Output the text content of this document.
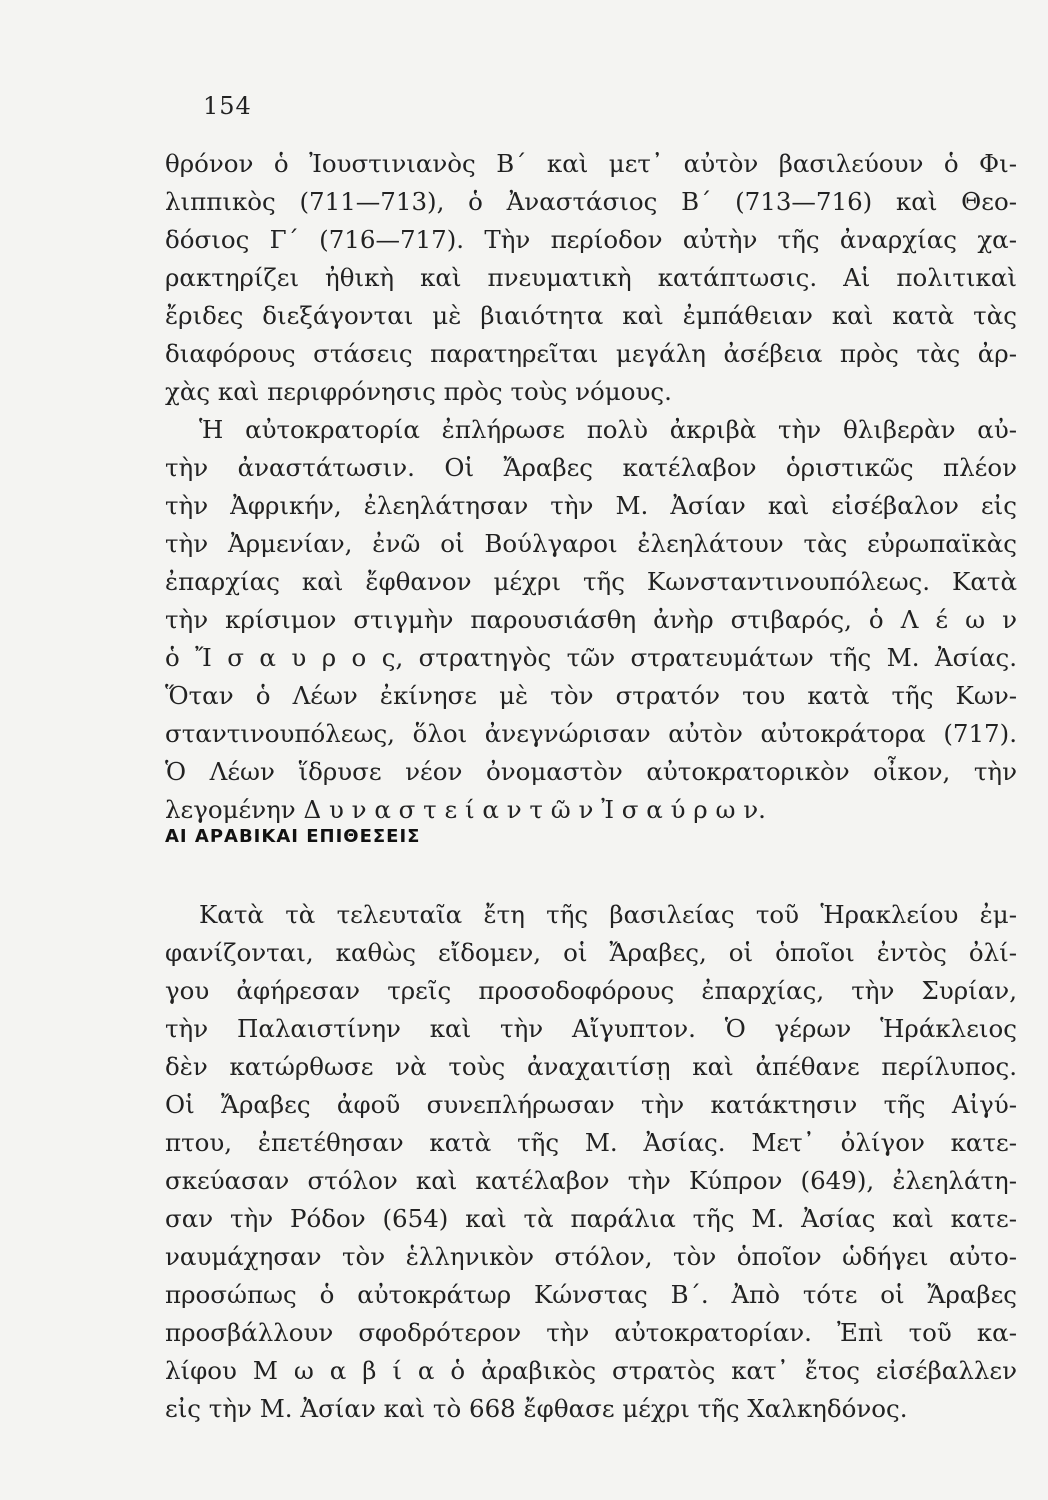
154
θρόνον ὁ Ἰουστινιανὸς Β΄ καὶ μετ᾿ αὐτὸν βασιλεύουν ὁ Φι-
λιππικὸς (711—713), ὁ Ἀναστάσιος Β΄ (713—716) καὶ Θεο-
δόσιος Γ΄ (716—717). Τὴν περίοδον αὐτὴν τῆς ἀναρχίας χα-
ρακτηρίζει ἠθικὴ καὶ πνευματικὴ κατάπτωσις. Αἱ πολιτικαὶ
ἔριδες διεξάγονται μὲ βιαιότητα καὶ ἐμπάθειαν καὶ κατὰ τὰς
διαφόρους στάσεις παρατηρεῖται μεγάλη ἀσέβεια πρὸς τὰς ἀρ-
χὰς καὶ περιφρόνησις πρὸς τοὺς νόμους.
Ἡ αὐτοκρατορία ἐπλήρωσε πολὺ ἀκριβὰ τὴν θλιβερὰν αὐ-
τὴν ἀναστάτωσιν. Οἱ Ἄραβες κατέλαβον ὁριστικῶς πλέον
τὴν Ἀφρικήν, ἐλεηλάτησαν τὴν Μ. Ἀσίαν καὶ εἰσέβαλον εἰς
τὴν Ἀρμενίαν, ἐνῶ οἱ Βούλγαροι ἐλεηλάτουν τὰς εὐρωπαϊκὰς
ἐπαρχίας καὶ ἔφθανον μέχρι τῆς Κωνσταντινουπόλεως. Κατὰ
τὴν κρίσιμον στιγμὴν παρουσιάσθη ἀνὴρ στιβαρός, ὁ Λ έ ω ν
ὁ Ἴ σ α υ ρ ο ς, στρατηγὸς τῶν στρατευμάτων τῆς Μ. Ἀσίας.
Ὅταν ὁ Λέων ἐκίνησε μὲ τὸν στρατόν του κατὰ τῆς Κων-
σταντινουπόλεως, ὅλοι ἀνεγνώρισαν αὐτὸν αὐτοκράτορα (717).
Ὁ Λέων ἵδρυσε νέον ὀνομαστὸν αὐτοκρατορικὸν οἶκον, τὴν
λεγομένην Δ υ ν α σ τ ε ί α ν τ ῶ ν Ἰ σ α ύ ρ ω ν.
ΑΙ ΑΡΑΒΙΚΑΙ ΕΠΙΘΕΣΕΙΣ
Κατὰ τὰ τελευταῖα ἔτη τῆς βασιλείας τοῦ Ἡρακλείου ἐμ-
φανίζονται, καθὼς εἴδομεν, οἱ Ἄραβες, οἱ ὁποῖοι ἐντὸς ὀλί-
γου ἀφήρεσαν τρεῖς προσοδοφόρους ἐπαρχίας, τὴν Συρίαν,
τὴν Παλαιστίνην καὶ τὴν Αἴγυπτον. Ὁ γέρων Ἡράκλειος
δὲν κατώρθωσε νὰ τοὺς ἀναχαιτίσῃ καὶ ἀπέθανε περίλυπος.
Οἱ Ἄραβες ἀφοῦ συνεπλήρωσαν τὴν κατάκτησιν τῆς Αἰγύ-
πτου, ἐπετέθησαν κατὰ τῆς Μ. Ἀσίας. Μετ᾿ ὀλίγον κατε-
σκεύασαν στόλον καὶ κατέλαβον τὴν Κύπρον (649), ἐλεηλάτη-
σαν τὴν Ρόδον (654) καὶ τὰ παράλια τῆς Μ. Ἀσίας καὶ κατε-
ναυμάχησαν τὸν ἑλληνικὸν στόλον, τὸν ὁποῖον ὡδήγει αὐτο-
προσώπως ὁ αὐτοκράτωρ Κώνστας Β΄. Ἀπὸ τότε οἱ Ἄραβες
προσβάλλουν σφοδρότερον τὴν αὐτοκρατορίαν. Ἐπὶ τοῦ κα-
λίφου Μ ω α β ί α ὁ ἀραβικὸς στρατὸς κατ᾿ ἔτος εἰσέβαλλεν
εἰς τὴν Μ. Ἀσίαν καὶ τὸ 668 ἔφθασε μέχρι τῆς Χαλκηδόνος.
